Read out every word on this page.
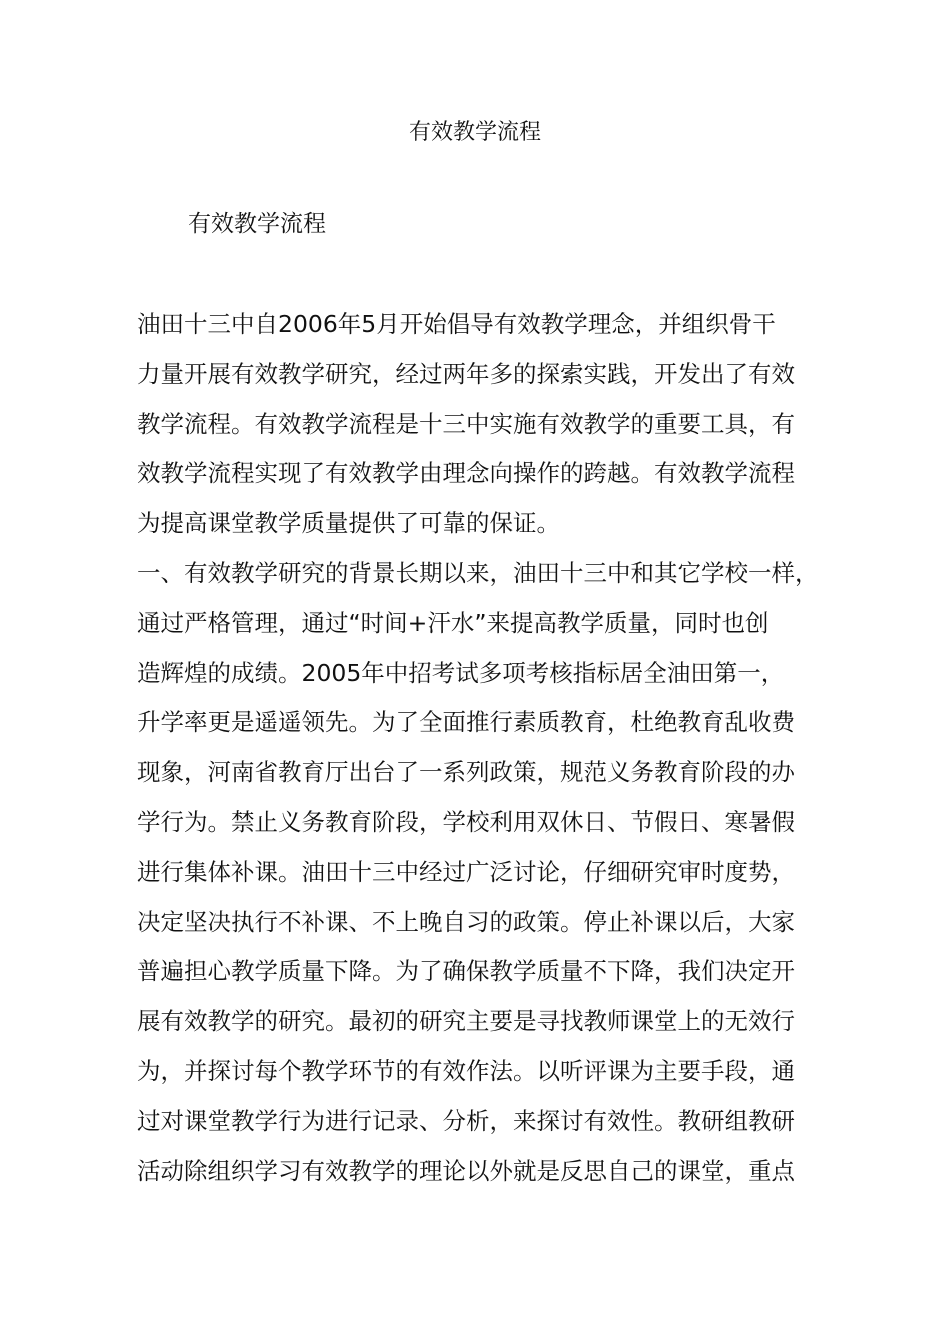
有效教学流程
有效教学流程
油田十三中自2006年5月开始倡导有效教学理念，并组织骨干
力量开展有效教学研究，经过两年多的探索实践，开发出了有效
教学流程。有效教学流程是十三中实施有效教学的重要工具，有
效教学流程实现了有效教学由理念向操作的跨越。有效教学流程
为提高课堂教学质量提供了可靠的保证。
一、有效教学研究的背景长期以来，油田十三中和其它学校一样，
通过严格管理，通过“时间+汗水”来提高教学质量，同时也创
造辉煌的成绩。2005年中招考试多项考核指标居全油田第一，
升学率更是遥遥领先。为了全面推行素质教育，杜绝教育乱收费
现象，河南省教育厅出台了一系列政策，规范义务教育阶段的办
学行为。禁止义务教育阶段，学校利用双休日、节假日、寒暑假
进行集体补课。油田十三中经过广泛讨论，仔细研究审时度势，
决定坚决执行不补课、不上晚自习的政策。停止补课以后，大家
普遍担心教学质量下降。为了确保教学质量不下降，我们决定开
展有效教学的研究。最初的研究主要是寻找教师课堂上的无效行
为，并探讨每个教学环节的有效作法。以听评课为主要手段，通
过对课堂教学行为进行记录、分析，来探讨有效性。教研组教研
活动除组织学习有效教学的理论以外就是反思自己的课堂，重点
